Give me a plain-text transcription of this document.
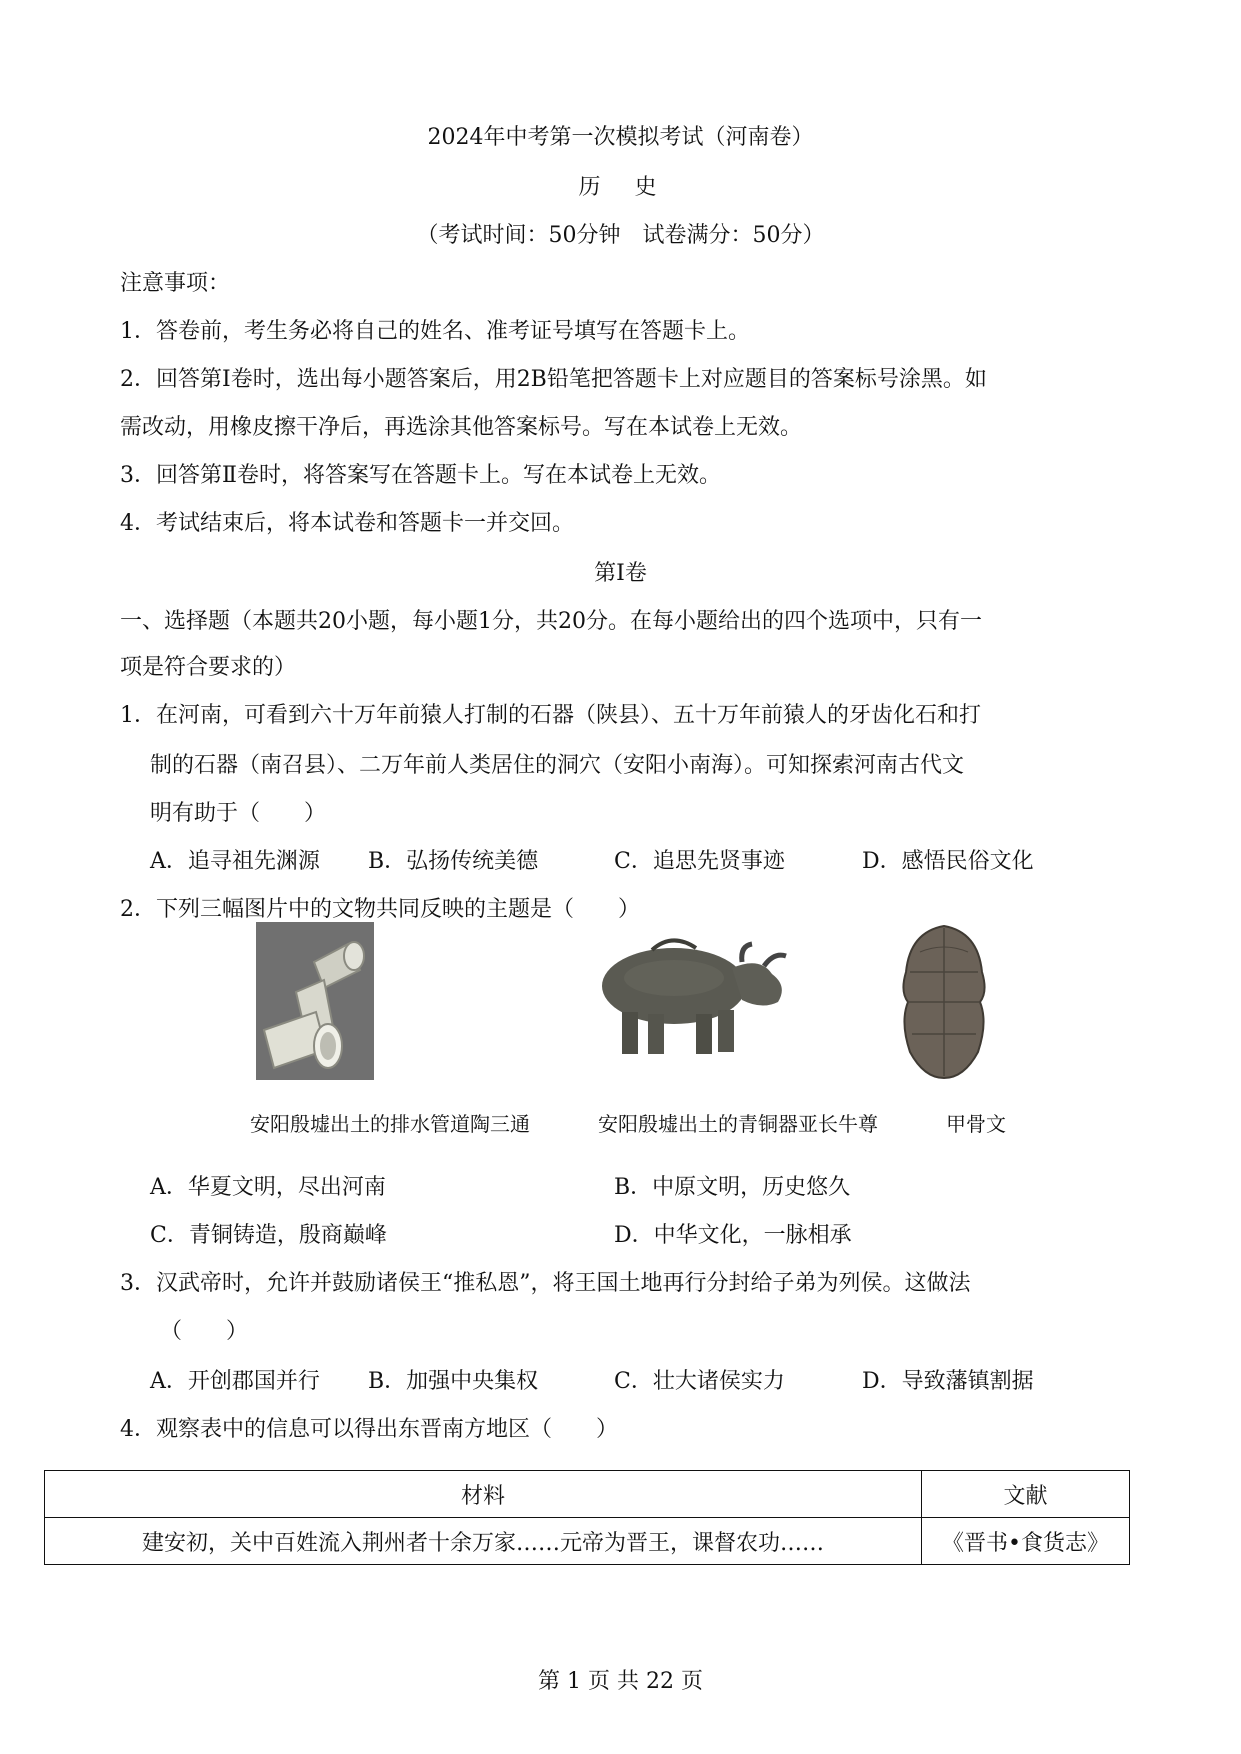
2024年中考第一次模拟考试（河南卷）
历　史
（考试时间：50分钟　试卷满分：50分）
注意事项：
1．答卷前，考生务必将自己的姓名、准考证号填写在答题卡上。
2．回答第Ⅰ卷时，选出每小题答案后，用2B铅笔把答题卡上对应题目的答案标号涂黑。如
需改动，用橡皮擦干净后，再选涂其他答案标号。写在本试卷上无效。
3．回答第Ⅱ卷时，将答案写在答题卡上。写在本试卷上无效。
4．考试结束后，将本试卷和答题卡一并交回。
第Ⅰ卷
一、选择题（本题共20小题，每小题1分，共20分。在每小题给出的四个选项中，只有一
项是符合要求的）
1．在河南，可看到六十万年前猿人打制的石器（陕县）、五十万年前猿人的牙齿化石和打
制的石器（南召县）、二万年前人类居住的洞穴（安阳小南海）。可知探索河南古代文
明有助于（　　）
A．追寻祖先渊源 B．弘扬传统美德	C．追思先贤事迹	D．感悟民俗文化
2．下列三幅图片中的文物共同反映的主题是（　　）
安阳殷墟出土的排水管道陶三通	安阳殷墟出土的青铜器亚长牛尊	甲骨文
A．华夏文明，尽出河南	B．中原文明，历史悠久
C．青铜铸造，殷商巅峰	D．中华文化，一脉相承
3．汉武帝时，允许并鼓励诸侯王“推私恩”，将王国土地再行分封给子弟为列侯。这做法
（　　）
A．开创郡国并行 B．加强中央集权	C．壮大诸侯实力	D．导致藩镇割据
4．观察表中的信息可以得出东晋南方地区（　　）
材料	文献
建安初，关中百姓流入荆州者十余万家……元帝为晋王，课督农功……	《晋书•食货志》
第 1 页 共 22 页
